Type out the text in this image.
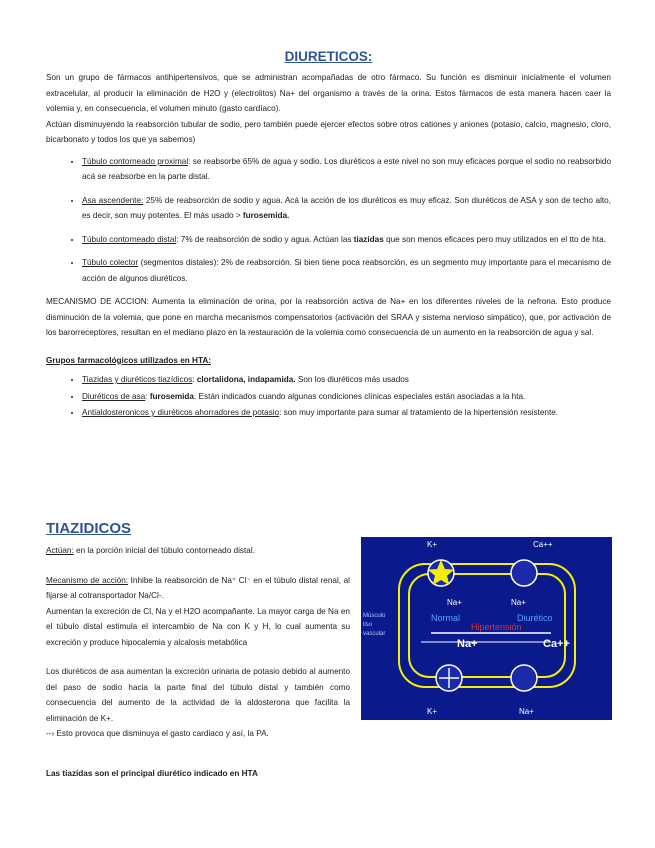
DIURETICOS:

Son un grupo de fármacos antihipertensivos, que se administran acompañadas de otro fármaco. Su función es disminuir inicialmente el volumen extracelular, al producir la eliminación de H2O y (electrolitos) Na+ del organismo a través de la orina. Estos fármacos de esta manera hacen caer la volemia y, en consecuencia, el volumen minuto (gasto cardíaco).

Actúan disminuyendo la reabsorción tubular de sodio, pero también puede ejercer efectos sobre otros cationes y aniones (potasio, calcio, magnesio, cloro, bicarbonato y todos los que ya sabemos)

• Túbulo contorneado proximal: se reabsorbe 65% de agua y sodio. Los diuréticos a este nivel no son muy eficaces porque el sodio no reabsorbido acá se reabsorbe en la parte distal.
• Asa ascendente: 25% de reabsorción de sodio y agua. Acá la acción de los diuréticos es muy eficaz. Son diuréticos de ASA y son de techo alto, es decir, son muy potentes. El más usado > furosemida.
• Túbulo contorneado distal: 7% de reabsorción de sodio y agua. Actúan las tiazidas que son menos eficaces pero muy utilizados en el tto de hta.
• Túbulo colector (segmentos distales): 2% de reabsorción. Si bien tiene poca reabsorción, es un segmento muy importante para el mecanismo de acción de algunos diuréticos.

MECANISMO DE ACCION: Aumenta la eliminación de orina, por la reabsorción activa de Na+ en los diferentes niveles de la nefrona. Esto produce disminución de la volemia, que pone en marcha mecanismos compensatorios (activación del SRAA y sistema nervioso simpático), que, por activación de los barorreceptores, resultan en el mediano plazo en la restauración de la volemia como consecuencia de un aumento en la reabsorción de agua y sal.

Grupos farmacológicos utilizados en HTA:

• Tiazidas y diuréticos tiazídicos: clortalidona, indapamida. Son los diuréticos más usados
• Diuréticos de asa: furosemida. Están indicados cuando algunas condiciones clínicas especiales están asociadas a la hta.
• Antialdosteronicos y diuréticos ahorradores de potasio: son muy importante para sumar al tratamiento de la hipertensión resistente.
TIAZIDICOS

Actúan: en la porción inicial del túbulo contorneado distal.

Mecanismo de acción: Inhibe la reabsorción de Na⁺ Cl⁻ en el túbulo distal renal, al fijarse al cotransportador Na/Cl-.

Aumentan la excreción de Cl, Na y el H2O acompañante. La mayor carga de Na en el túbulo distal estimula el intercambio de Na con K y H, lo cual aumenta su excreción y produce hipocalemia y alcalosis metabólica

Los diuréticos de asa aumentan la excreción urinaria de potasio debido al aumento del paso de sodio hacia la parte final del túbulo distal y también como consecuencia del aumento de la actividad de la aldosterona que facilita la eliminación de K+.

--› Esto provoca que disminuya el gasto cardiaco y así, la PA.

K+	Ca++
Na+	Na+
Normal	Diurético
Hipertensión
Na+	Ca++
Músculo
liso
vascular
K+	Na+
Las tiazidas son el principal diurético indicado en HTA
